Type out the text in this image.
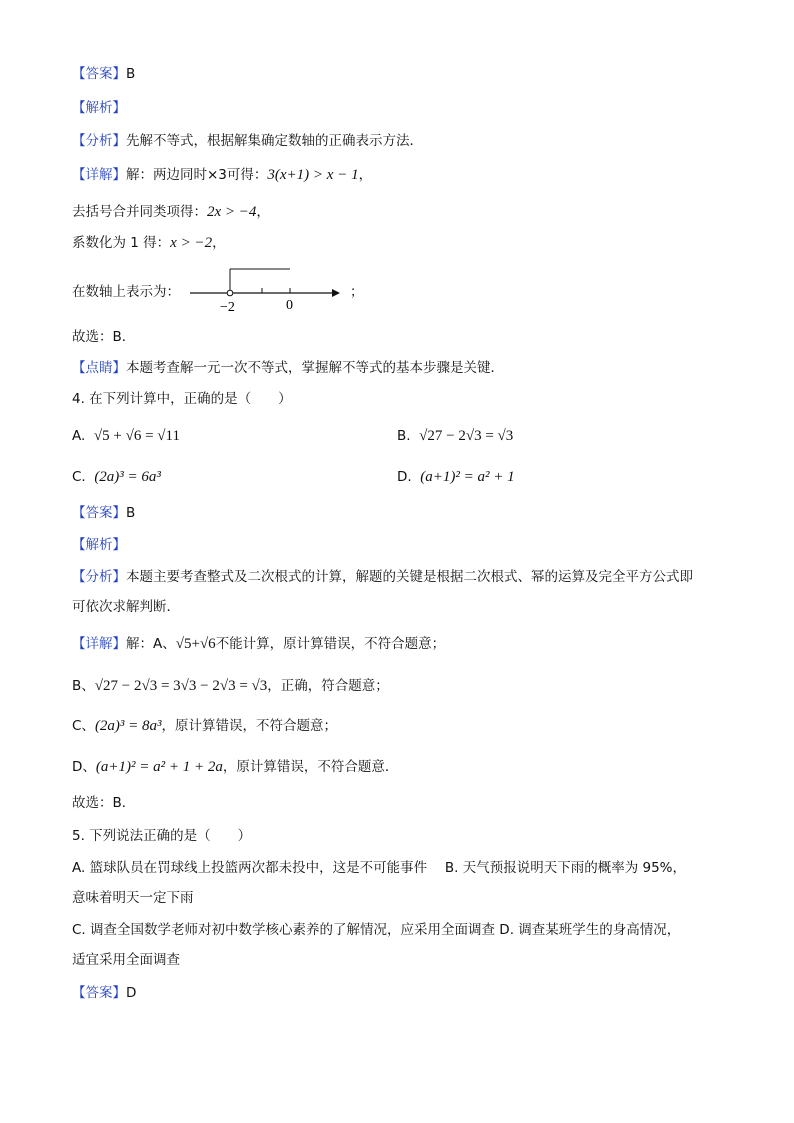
【答案】B
【解析】
【分析】先解不等式，根据解集确定数轴的正确表示方法．
【详解】解：两边同时×3可得：3(x+1) > x − 1，
去括号合并同类项得：2x > −4，
系数化为 1 得：x > −2，
在数轴上表示为：
−2	0
；
故选：B．
【点睛】本题考查解一元一次不等式，掌握解不等式的基本步骤是关键．
4. 在下列计算中，正确的是（　　）
A. √5 + √6 = √11	B. √27 − 2√3 = √3
C. (2a)³ = 6a³	D. (a+1)² = a² + 1
【答案】B
【解析】
【分析】本题主要考查整式及二次根式的计算，解题的关键是根据二次根式、幂的运算及完全平方公式即
可依次求解判断．
【详解】解：A、√5+√6不能计算，原计算错误，不符合题意；
B、√27 − 2√3 = 3√3 − 2√3 = √3，正确，符合题意；
C、(2a)³ = 8a³，原计算错误，不符合题意；
D、(a+1)² = a² + 1 + 2a，原计算错误，不符合题意．
故选：B．
5. 下列说法正确的是（　　）
A. 篮球队员在罚球线上投篮两次都未投中，这是不可能事件　 B. 天气预报说明天下雨的概率为 95%，
意味着明天一定下雨
C. 调查全国数学老师对初中数学核心素养的了解情况，应采用全面调查 D. 调查某班学生的身高情况，
适宜采用全面调查
【答案】D
